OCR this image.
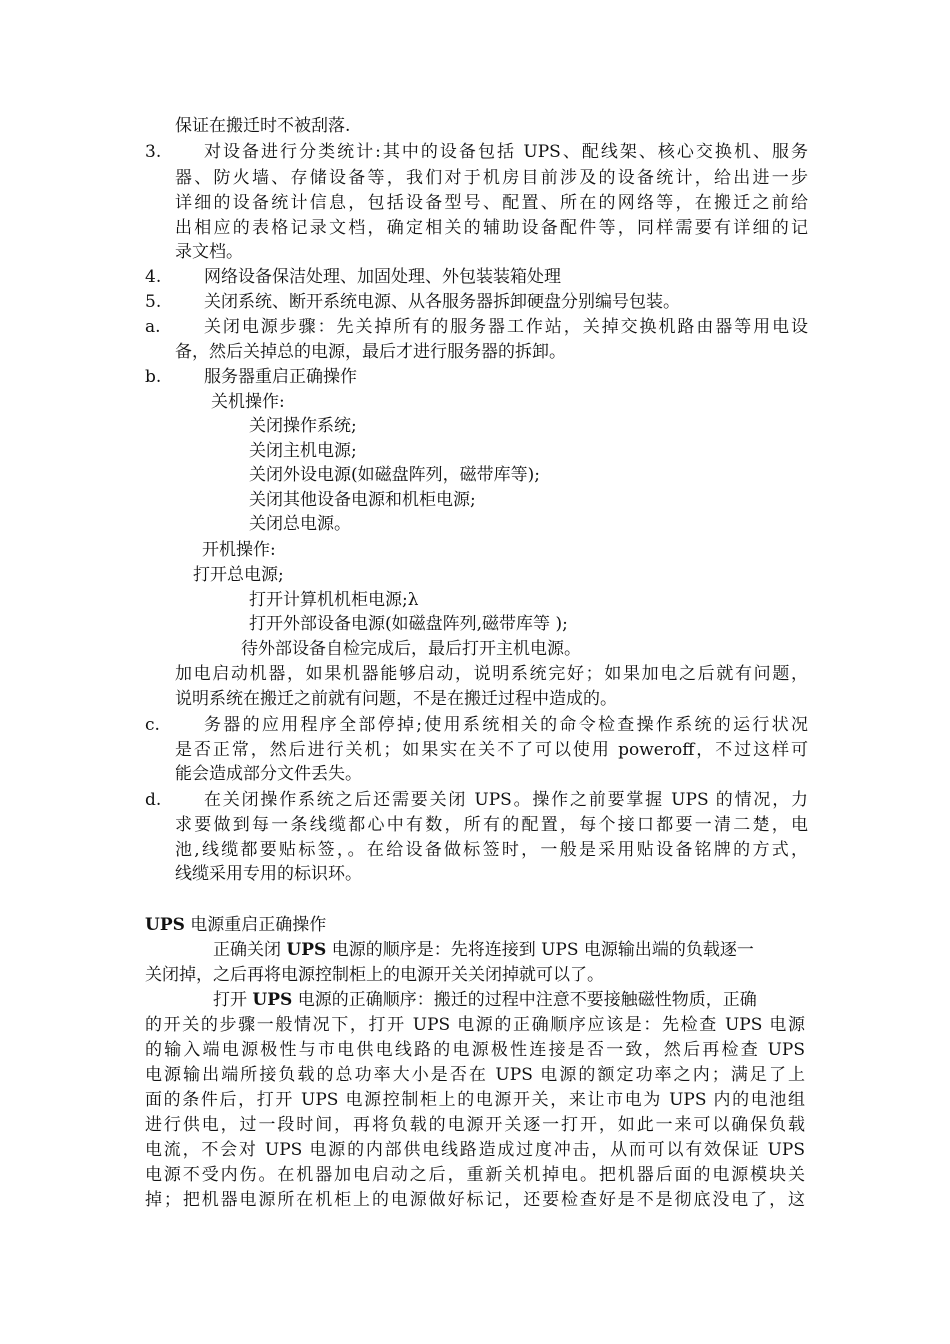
保证在搬迁时不被刮落.
3.	对设备进行分类统计:其中的设备包括 UPS、配线架、核心交换机、服务
器、防火墙、存储设备等，我们对于机房目前涉及的设备统计，给出进一步
详细的设备统计信息，包括设备型号、配置、所在的网络等，在搬迁之前给
出相应的表格记录文档，确定相关的辅助设备配件等，同样需要有详细的记
录文档。
4.	网络设备保洁处理、加固处理、外包装装箱处理
5.	关闭系统、断开系统电源、从各服务器拆卸硬盘分别编号包装。
a.	关闭电源步骤：先关掉所有的服务器工作站，关掉交换机路由器等用电设
备，然后关掉总的电源，最后才进行服务器的拆卸。
b.	服务器重启正确操作
关机操作:
关闭操作系统;
关闭主机电源;
关闭外设电源(如磁盘阵列，磁带库等);
关闭其他设备电源和机柜电源;
关闭总电源。
开机操作:
打开总电源;
打开计算机机柜电源;λ
打开外部设备电源(如磁盘阵列,磁带库等 );
待外部设备自检完成后，最后打开主机电源。
加电启动机器，如果机器能够启动，说明系统完好；如果加电之后就有问题，
说明系统在搬迁之前就有问题，不是在搬迁过程中造成的。
c.	务器的应用程序全部停掉;使用系统相关的命令检查操作系统的运行状况
是否正常，然后进行关机；如果实在关不了可以使用 poweroff，不过这样可
能会造成部分文件丢失。
d.	在关闭操作系统之后还需要关闭 UPS。操作之前要掌握 UPS 的情况，力
求要做到每一条线缆都心中有数，所有的配置，每个接口都要一清二楚，电
池,线缆都要贴标签，。在给设备做标签时，一般是采用贴设备铭牌的方式，
线缆采用专用的标识环。
UPS 电源重启正确操作
正确关闭 UPS 电源的顺序是：先将连接到 UPS 电源输出端的负载逐一
关闭掉，之后再将电源控制柜上的电源开关关闭掉就可以了。
打开 UPS 电源的正确顺序：搬迁的过程中注意不要接触磁性物质，正确
的开关的步骤一般情况下，打开 UPS 电源的正确顺序应该是：先检查 UPS 电源
的输入端电源极性与市电供电线路的电源极性连接是否一致，然后再检查 UPS
电源输出端所接负载的总功率大小是否在 UPS 电源的额定功率之内；满足了上
面的条件后，打开 UPS 电源控制柜上的电源开关，来让市电为 UPS 内的电池组
进行供电，过一段时间，再将负载的电源开关逐一打开，如此一来可以确保负载
电流，不会对 UPS 电源的内部供电线路造成过度冲击，从而可以有效保证 UPS
电源不受内伤。在机器加电启动之后，重新关机掉电。把机器后面的电源模块关
掉；把机器电源所在机柜上的电源做好标记，还要检查好是不是彻底没电了，这
